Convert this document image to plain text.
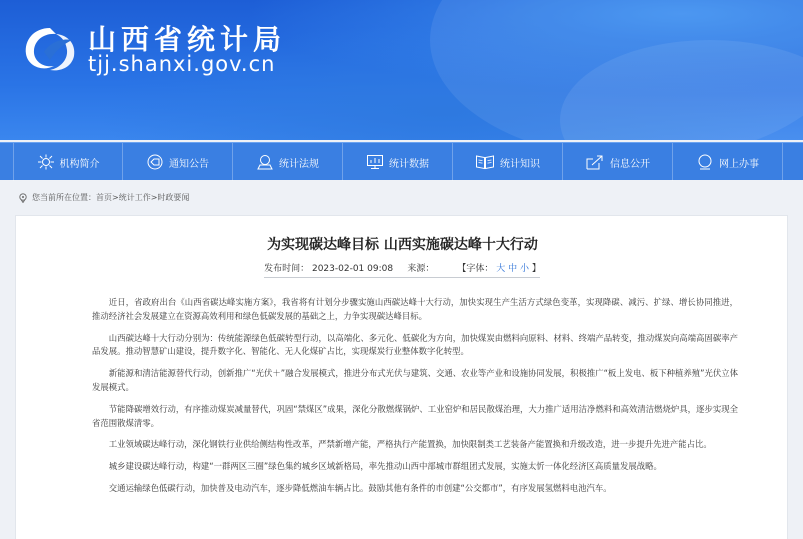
山西省统计局
tjj.shanxi.gov.cn
机构简介	通知公告	统计法规	统计数据	统计知识	信息公开	网上办事
您当前所在位置： 首页 > 统计工作 > 时政要闻
为实现碳达峰目标 山西实施碳达峰十大行动
发布时间： 2023-02-01 09:08 来源：	【字体： 大 中 小 】

近日，省政府出台《山西省碳达峰实施方案》，我省将有计划分步骤实施山西碳达峰十大行动，加快实现生产生活方式绿色变革，实现降碳、减污、扩绿、增长协同推进，推动经济社会发展建立在资源高效利用和绿色低碳发展的基础之上，力争实现碳达峰目标。

山西碳达峰十大行动分别为：传统能源绿色低碳转型行动，以高端化、多元化、低碳化为方向，加快煤炭由燃料向原料、材料、终端产品转变，推动煤炭向高端高固碳率产品发展。推动智慧矿山建设，提升数字化、智能化、无人化煤矿占比，实现煤炭行业整体数字化转型。

新能源和清洁能源替代行动，创新推广“光伏＋”融合发展模式，推进分布式光伏与建筑、交通、农业等产业和设施协同发展，积极推广“板上发电、板下种植养殖”光伏立体发展模式。

节能降碳增效行动，有序推动煤炭减量替代，巩固“禁煤区”成果，深化分散燃煤锅炉、工业窑炉和居民散煤治理，大力推广适用洁净燃料和高效清洁燃烧炉具，逐步实现全省范围散煤清零。

工业领域碳达峰行动，深化钢铁行业供给侧结构性改革，严禁新增产能，严格执行产能置换，加快限制类工艺装备产能置换和升级改造，进一步提升先进产能占比。

城乡建设碳达峰行动，构建“一群两区三圈”绿色集约城乡区域新格局，率先推动山西中部城市群组团式发展，实施太忻一体化经济区高质量发展战略。

交通运输绿色低碳行动，加快普及电动汽车，逐步降低燃油车辆占比。鼓励其他有条件的市创建“公交都市”，有序发展氢燃料电池汽车。
